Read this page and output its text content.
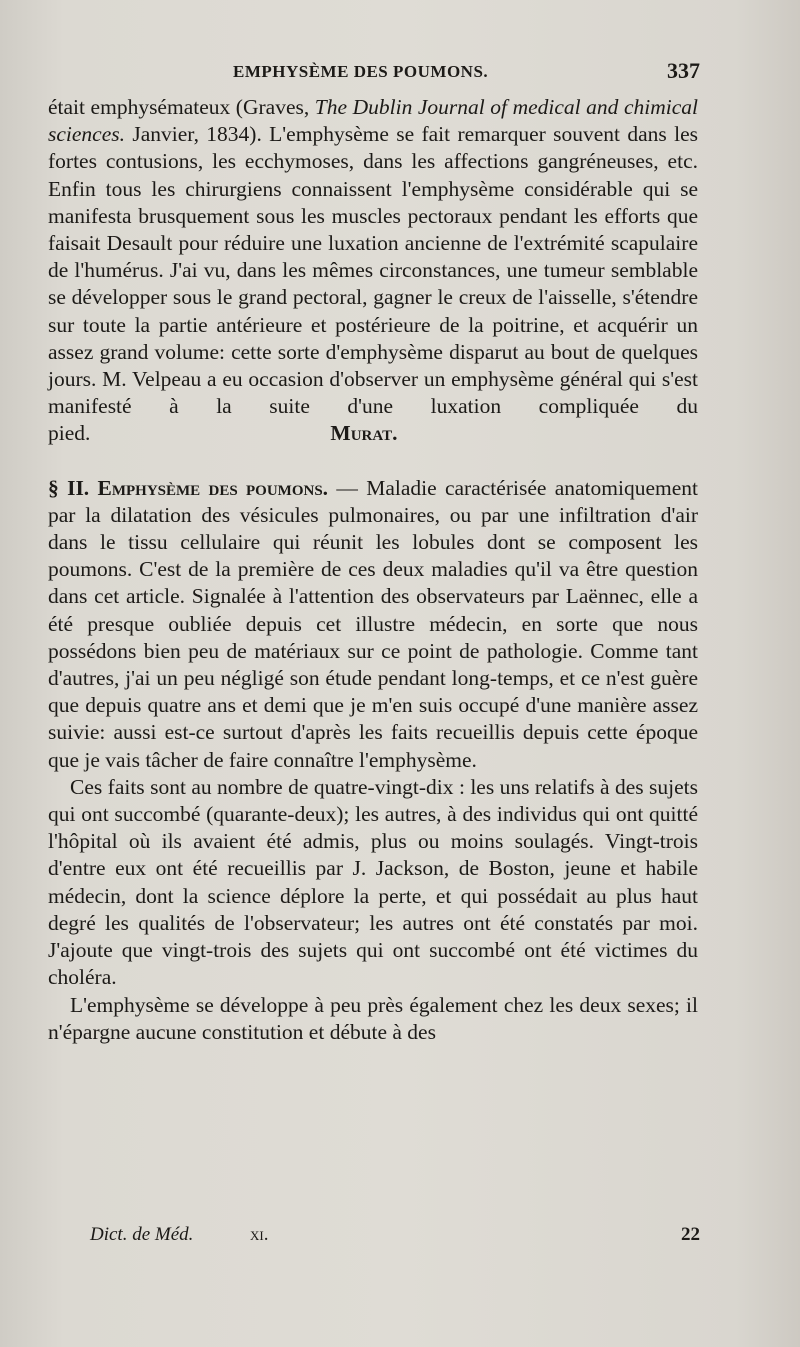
EMPHYSÈME DES POUMONS.	337

était emphysémateux (Graves, The Dublin Journal of medical and chimical sciences. Janvier, 1834). L'emphysème se fait remarquer souvent dans les fortes contusions, les ecchymoses, dans les affections gangréneuses, etc. Enfin tous les chirurgiens connaissent l'emphysème considérable qui se manifesta brusquement sous les muscles pectoraux pendant les efforts que faisait Desault pour réduire une luxation ancienne de l'extrémité scapulaire de l'humérus. J'ai vu, dans les mêmes circonstances, une tumeur semblable se développer sous le grand pectoral, gagner le creux de l'aisselle, s'étendre sur toute la partie antérieure et postérieure de la poitrine, et acquérir un assez grand volume: cette sorte d'emphysème disparut au bout de quelques jours. M. Velpeau a eu occasion d'observer un emphysème général qui s'est manifesté à la suite d'une luxation compliquée du pied.	Murat.

§ II. Emphysème des poumons. — Maladie caractérisée anatomiquement par la dilatation des vésicules pulmonaires, ou par une infiltration d'air dans le tissu cellulaire qui réunit les lobules dont se composent les poumons. C'est de la première de ces deux maladies qu'il va être question dans cet article. Signalée à l'attention des observateurs par Laënnec, elle a été presque oubliée depuis cet illustre médecin, en sorte que nous possédons bien peu de matériaux sur ce point de pathologie. Comme tant d'autres, j'ai un peu négligé son étude pendant long-temps, et ce n'est guère que depuis quatre ans et demi que je m'en suis occupé d'une manière assez suivie: aussi est-ce surtout d'après les faits recueillis depuis cette époque que je vais tâcher de faire connaître l'emphysème.

Ces faits sont au nombre de quatre-vingt-dix : les uns relatifs à des sujets qui ont succombé (quarante-deux); les autres, à des individus qui ont quitté l'hôpital où ils avaient été admis, plus ou moins soulagés. Vingt-trois d'entre eux ont été recueillis par J. Jackson, de Boston, jeune et habile médecin, dont la science déplore la perte, et qui possédait au plus haut degré les qualités de l'observateur; les autres ont été constatés par moi. J'ajoute que vingt-trois des sujets qui ont succombé ont été victimes du choléra.

L'emphysème se développe à peu près également chez les deux sexes; il n'épargne aucune constitution et débute à des

Dict. de Méd.	xi.	22
